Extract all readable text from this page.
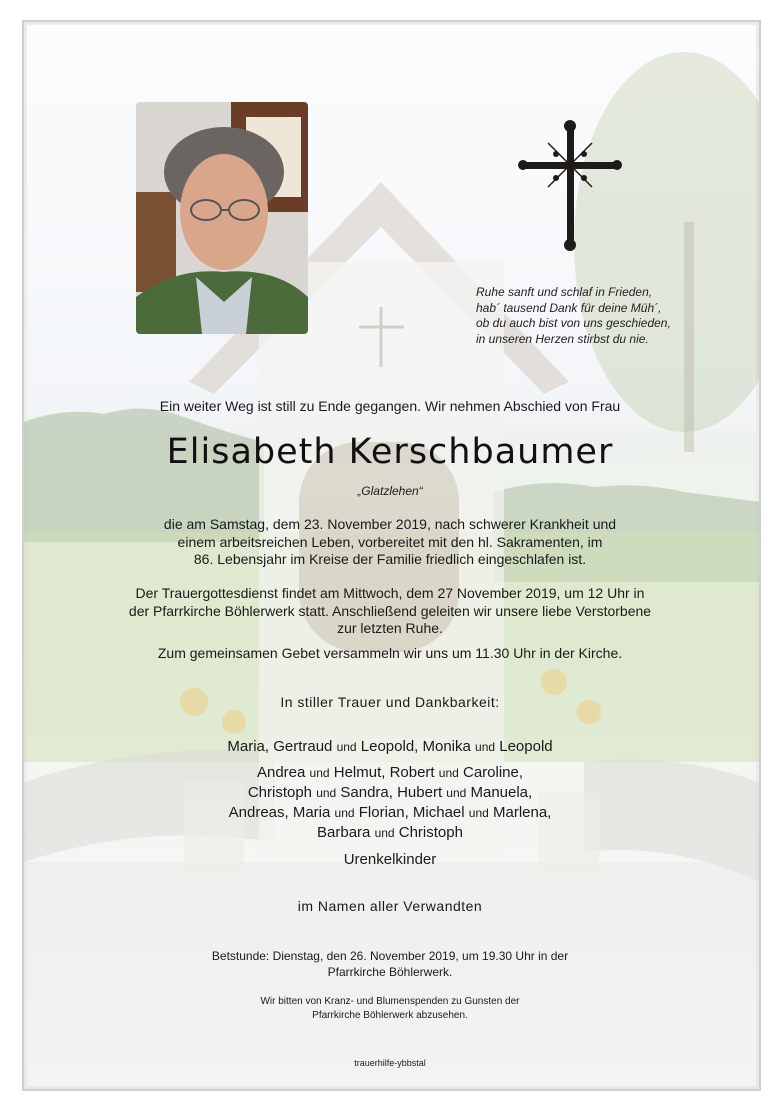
Ruhe sanft und schlaf in Frieden,
hab´ tausend Dank für deine Müh´,
ob du auch bist von uns geschieden,
in unseren Herzen stirbst du nie.
Ein weiter Weg ist still zu Ende gegangen. Wir nehmen Abschied von Frau
Elisabeth Kerschbaumer
„Glatzlehen“
die am Samstag, dem 23. November 2019, nach schwerer Krankheit und
einem arbeitsreichen Leben, vorbereitet mit den hl. Sakramenten, im
86. Lebensjahr im Kreise der Familie friedlich eingeschlafen ist.
Der Trauergottesdienst findet am Mittwoch, dem 27 November 2019, um 12 Uhr in
der Pfarrkirche Böhlerwerk statt. Anschließend geleiten wir unsere liebe Verstorbene
zur letzten Ruhe.
Zum gemeinsamen Gebet versammeln wir uns um 11.30 Uhr in der Kirche.
In stiller Trauer und Dankbarkeit:
Maria, Gertraud und Leopold, Monika und Leopold
Andrea und Helmut, Robert und Caroline,
Christoph und Sandra, Hubert und Manuela,
Andreas, Maria und Florian, Michael und Marlena,
Barbara und Christoph
Urenkelkinder
im Namen aller Verwandten
Betstunde: Dienstag, den 26. November 2019, um 19.30 Uhr in der
Pfarrkirche Böhlerwerk.
Wir bitten von Kranz- und Blumenspenden zu Gunsten der
Pfarrkirche Böhlerwerk abzusehen.
trauerhilfe-ybbstal
